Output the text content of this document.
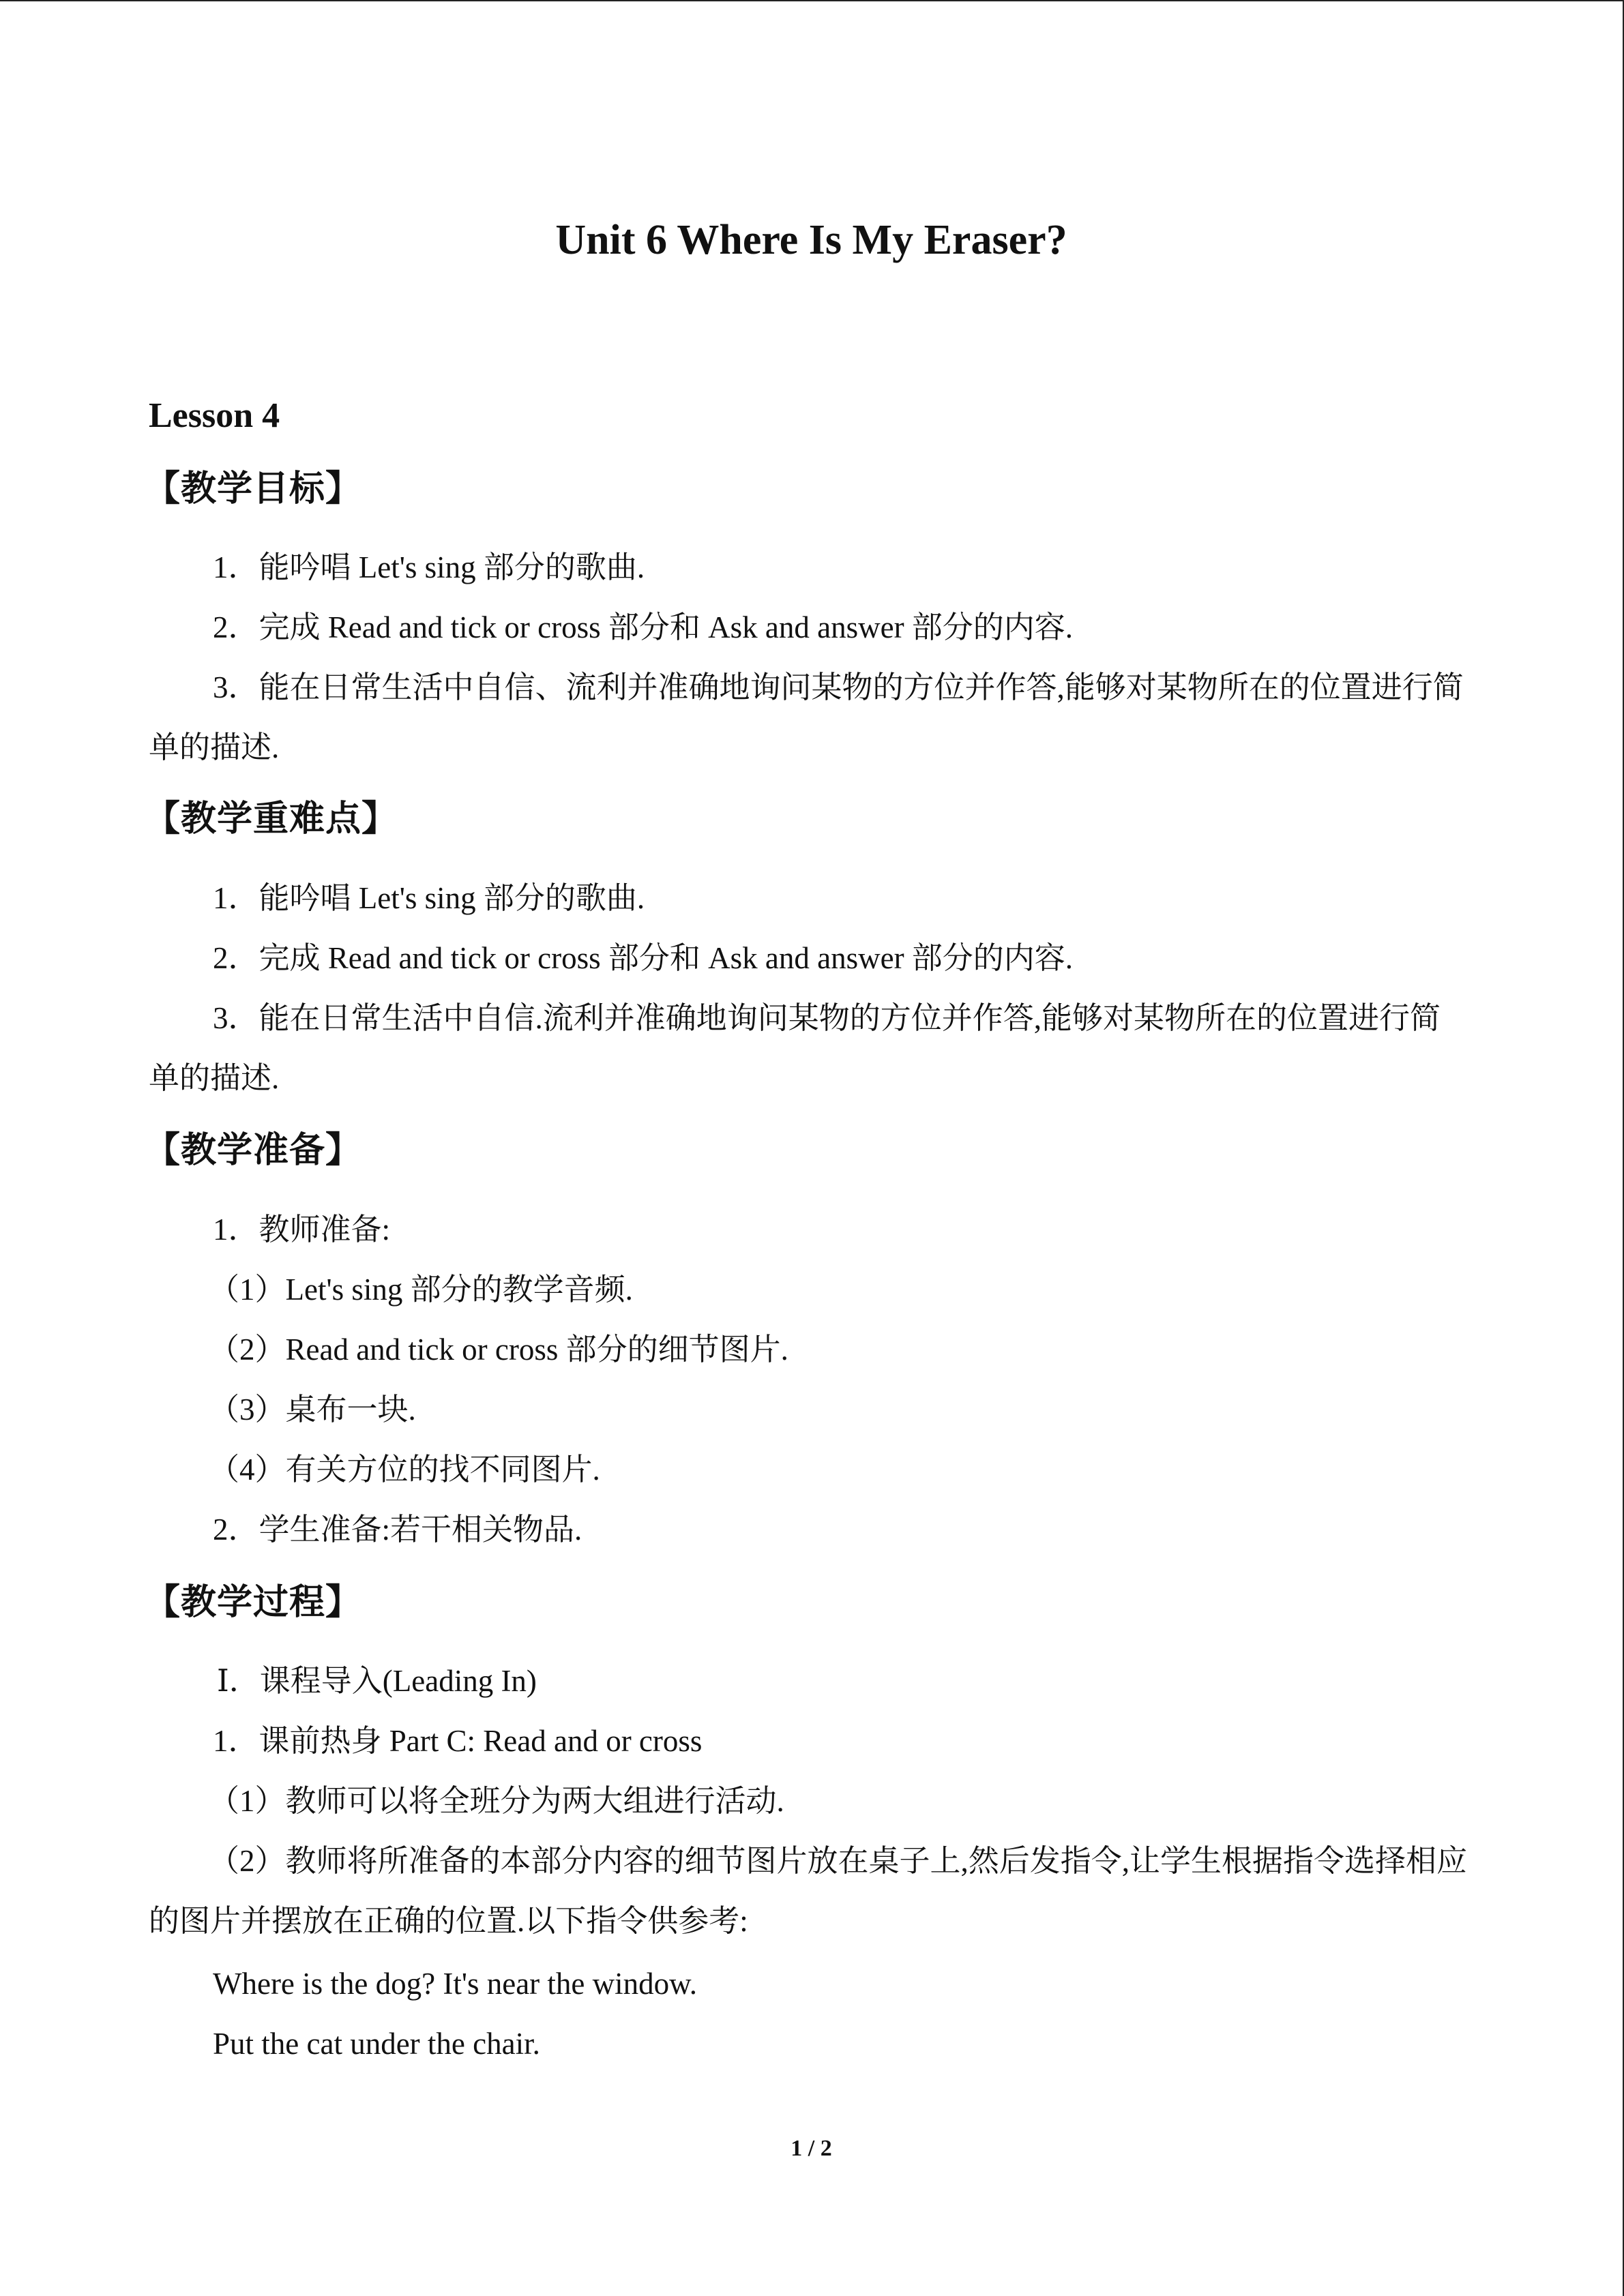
Unit 6 Where Is My Eraser?

Lesson 4

【教学目标】

1．能吟唱 Let's sing 部分的歌曲.

2．完成 Read and tick or cross 部分和 Ask and answer 部分的内容.

3．能在日常生活中自信、流利并准确地询问某物的方位并作答,能够对某物所在的位置进行简单的描述.

【教学重难点】

1．能吟唱 Let's sing 部分的歌曲.

2．完成 Read and tick or cross 部分和 Ask and answer 部分的内容.

3．能在日常生活中自信.流利并准确地询问某物的方位并作答,能够对某物所在的位置进行简单的描述.

【教学准备】

1．教师准备:

（1）Let's sing 部分的教学音频.

（2）Read and tick or cross 部分的细节图片.

（3）桌布一块.

（4）有关方位的找不同图片.

2．学生准备:若干相关物品.

【教学过程】

Ⅰ．课程导入(Leading In)

1．课前热身 Part C: Read and or cross

（1）教师可以将全班分为两大组进行活动.

（2）教师将所准备的本部分内容的细节图片放在桌子上,然后发指令,让学生根据指令选择相应的图片并摆放在正确的位置.以下指令供参考:

Where is the dog? It's near the window.

Put the cat under the chair.

1 / 2
